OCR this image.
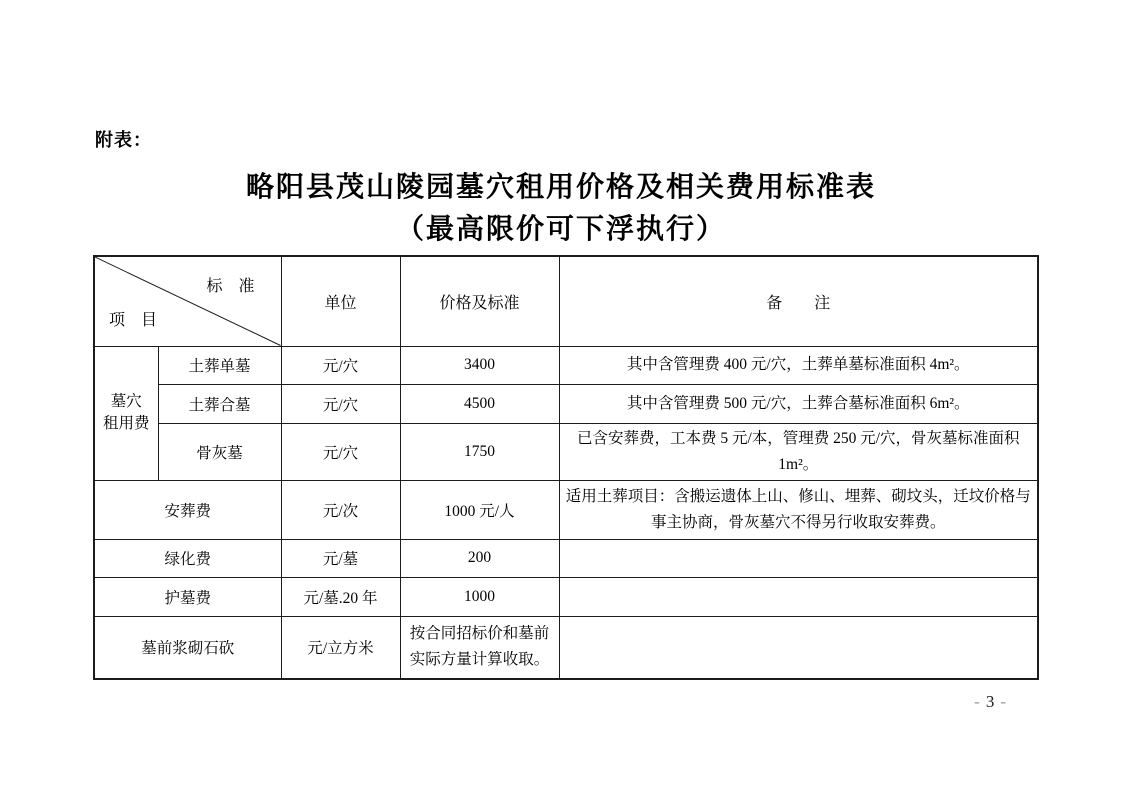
附表：
略阳县茂山陵园墓穴租用价格及相关费用标准表
（最高限价可下浮执行）
标　准
项　目		单位	价格及标准	备　　注

墓穴
租用费	土葬单墓	元/穴	3400	其中含管理费 400 元/穴，土葬单墓标准面积 4m²。
	土葬合墓	元/穴	4500	其中含管理费 500 元/穴，土葬合墓标准面积 6m²。
	骨灰墓	元/穴	1750	已含安葬费，工本费 5 元/本，管理费 250 元/穴，骨灰墓标准面积 1m²。
安葬费		元/次	1000 元/人	适用土葬项目：含搬运遗体上山、修山、埋葬、砌坟头，迁坟价格与事主协商，骨灰墓穴不得另行收取安葬费。
绿化费		元/墓	200	
护墓费		元/墓.20 年	1000	
墓前浆砌石砍		元/立方米	按合同招标价和墓前实际方量计算收取。	
- 3 -
